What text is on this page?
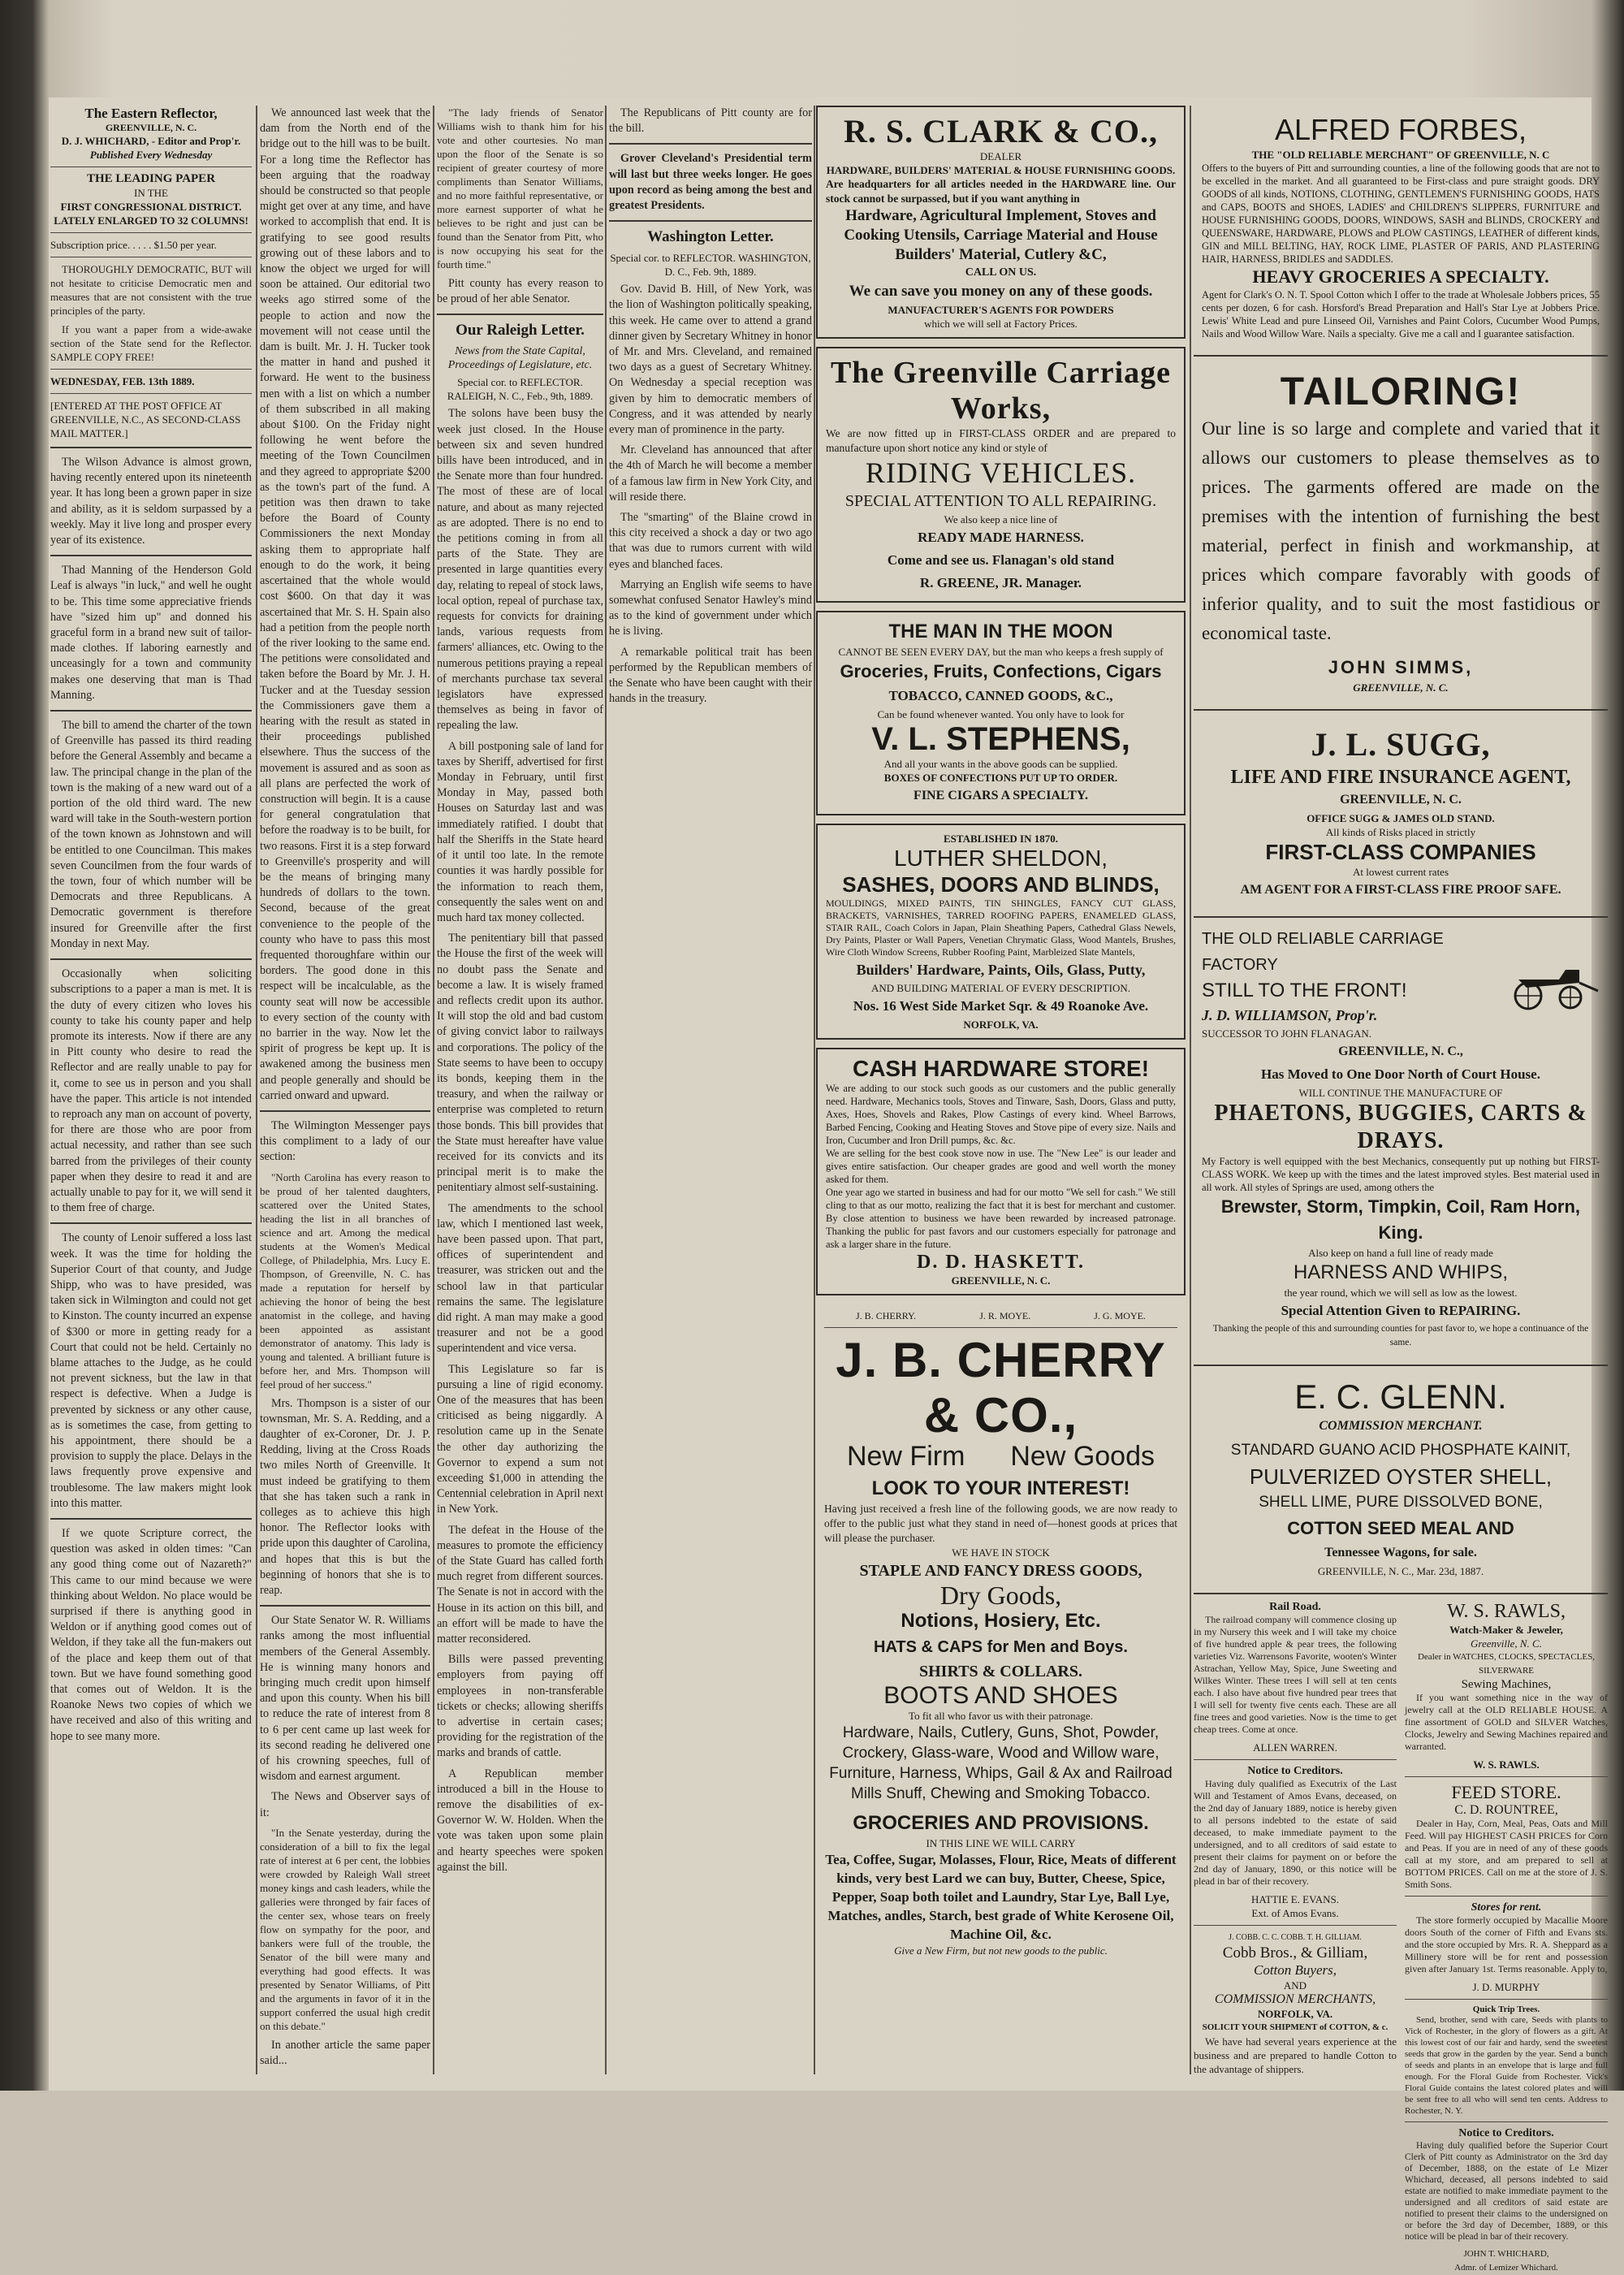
The Eastern Reflector,
GREENVILLE, N. C.
D. J. WHICHARD, - Editor and Prop'r.
Published Every Wednesday
THE LEADING PAPER
IN THE
FIRST CONGRESSIONAL DISTRICT.
LATELY ENLARGED TO 32 COLUMNS!
Subscription price. . . . . $1.50 per year.

THOROUGHLY DEMOCRATIC, BUT will not hesitate to criticise Democratic men and measures that are not consistent with the true principles of the party.

If you want a paper from a wide-awake section of the State send for the Reflector. SAMPLE COPY FREE!

WEDNESDAY, FEB. 13th 1889.
[ENTERED AT THE POST OFFICE AT GREENVILLE, N.C., AS SECOND-CLASS MAIL MATTER.]

The Wilson Advance is almost grown, having recently entered upon its nineteenth year. It has long been a grown paper in size and ability, as it is seldom surpassed by a weekly. May it live long and prosper every year of its existence.

Thad Manning of the Henderson Gold Leaf is always "in luck," and well he ought to be. This time some appreciative friends have "sized him up" and donned his graceful form in a brand new suit of tailor-made clothes. If laboring earnestly and unceasingly for a town and community makes one deserving that man is Thad Manning.

The bill to amend the charter of the town of Greenville has passed its third reading before the General Assembly and became a law. The principal change in the plan of the town is the making of a new ward out of a portion of the old third ward. The new ward will take in the South-western portion of the town known as Johnstown and will be entitled to one Councilman. This makes seven Councilmen from the four wards of the town, four of which number will be Democrats and three Republicans. A Democratic government is therefore insured for Greenville after the first Monday in next May.

Occasionally when soliciting subscriptions to a paper a man is met. It is the duty of every citizen who loves his county to take his county paper and help promote its interests. Now if there are any in Pitt county who desire to read the Reflector and are really unable to pay for it, come to see us in person and you shall have the paper. This article is not intended to reproach any man on account of poverty, for there are those who are poor from actual necessity, and rather than see such barred from the privileges of their county paper when they desire to read it and are actually unable to pay for it, we will send it to them free of charge.

The county of Lenoir suffered a loss last week. It was the time for holding the Superior Court of that county, and Judge Shipp, who was to have presided, was taken sick in Wilmington and could not get to Kinston. The county incurred an expense of $300 or more in getting ready for a Court that could not be held. Certainly no blame attaches to the Judge, as he could not prevent sickness, but the law in that respect is defective. When a Judge is prevented by sickness or any other cause, as is sometimes the case, from getting to his appointment, there should be a provision to supply the place. Delays in the laws frequently prove expensive and troublesome. The law makers might look into this matter.

If we quote Scripture correct, the question was asked in olden times: "Can any good thing come out of Nazareth?" This came to our mind because we were thinking about Weldon. No place would be surprised if there is anything good in Weldon or if anything good comes out of Weldon, if they take all the fun-makers out of the place and keep them out of that town. But we have found something good that comes out of Weldon. It is the Roanoke News two copies of which we have received and also of this writing and hope to see many more.

We announced last week that the dam from the North end of the bridge out to the hill was to be built. For a long time the Reflector has been arguing that the roadway should be constructed so that people might get over at any time, and have worked to accomplish that end. It is gratifying to see good results growing out of these labors and to know the object we urged for will soon be attained. Our editorial two weeks ago stirred some of the people to action and now the movement will not cease until the dam is built. Mr. J. H. Tucker took the matter in hand and pushed it forward. He went to the business men with a list on which a number of them subscribed in all making about $100. On the Friday night following he went before the meeting of the Town Councilmen and they agreed to appropriate $200 as the town's part of the fund. A petition was then drawn to take before the Board of County Commissioners the next Monday asking them to appropriate half enough to do the work, it being ascertained that the whole would cost $600. On that day it was ascertained that Mr. S. H. Spain also had a petition from the people north of the river looking to the same end. The petitions were consolidated and taken before the Board by Mr. J. H. Tucker and at the Tuesday session the Commissioners gave them a hearing with the result as stated in their proceedings published elsewhere. Thus the success of the movement is assured and as soon as all plans are perfected the work of construction will begin. It is a cause for general congratulation that before the roadway is to be built, for two reasons. First it is a step forward to Greenville's prosperity and will be the means of bringing many hundreds of dollars to the town. Second, because of the great convenience to the people of the county who have to pass this most frequented thoroughfare within our borders. The good done in this respect will be incalculable, as the county seat will now be accessible to every section of the county with no barrier in the way. Now let the spirit of progress be kept up. It is awakened among the business men and people generally and should be carried onward and upward.

The Wilmington Messenger pays this compliment to a lady of our section:

"North Carolina has every reason to be proud of her talented daughters, scattered over the United States, heading the list in all branches of science and art. Among the medical students at the Women's Medical College, of Philadelphia, Mrs. Lucy E. Thompson, of Greenville, N. C. has made a reputation for herself by achieving the honor of being the best anatomist in the college, and having been appointed as assistant demonstrator of anatomy. This lady is young and talented. A brilliant future is before her, and Mrs. Thompson will feel proud of her success."

Mrs. Thompson is a sister of our townsman, Mr. S. A. Redding, and a daughter of ex-Coroner, Dr. J. P. Redding, living at the Cross Roads two miles North of Greenville. It must indeed be gratifying to them that she has taken such a rank in colleges as to achieve this high honor. The Reflector looks with pride upon this daughter of Carolina, and hopes that this is but the beginning of honors that she is to reap.

Our State Senator W. R. Williams ranks among the most influential members of the General Assembly. He is winning many honors and bringing much credit upon himself and upon this county. When his bill to reduce the rate of interest from 8 to 6 per cent came up last week for its second reading he delivered one of his crowning speeches, full of wisdom and earnest argument.

The News and Observer says of it:

"In the Senate yesterday, during the consideration of a bill to fix the legal rate of interest at 6 per cent, the lobbies were crowded by Raleigh Wall street money kings and cash leaders, while the galleries were thronged by fair faces of the center sex, whose tears on freely flow on sympathy for the poor, and bankers were full of the trouble, the Senator of the bill were many and everything had good effects. It was presented by Senator Williams, of Pitt and the arguments in favor of it in the support conferred the usual high credit on this debate."

In another article the same paper said...

"The lady friends of Senator Williams wish to thank him for his vote and other courtesies. No man upon the floor of the Senate is so recipient of greater courtesy of more compliments than Senator Williams, and no more faithful representative, or more earnest supporter of what he believes to be right and just can be found than the Senator from Pitt, who is now occupying his seat for the fourth time."

Pitt county has every reason to be proud of her able Senator.

Our Raleigh Letter.
News from the State Capital, Proceedings of Legislature, etc.
Special cor. to REFLECTOR. RALEIGH, N. C., Feb., 9th, 1889.

The solons have been busy the week just closed. In the House between six and seven hundred bills have been introduced, and in the Senate more than four hundred. The most of these are of local nature, and about as many rejected as are adopted. There is no end to the petitions coming in from all parts of the State. They are presented in large quantities every day, relating to repeal of stock laws, local option, repeal of purchase tax, requests for convicts for draining lands, various requests from farmers' alliances, etc. Owing to the numerous petitions praying a repeal of merchants purchase tax several legislators have expressed themselves as being in favor of repealing the law.

A bill postponing sale of land for taxes by Sheriff, advertised for first Monday in February, until first Monday in May, passed both Houses on Saturday last and was immediately ratified. I doubt that half the Sheriffs in the State heard of it until too late. In the remote counties it was hardly possible for the information to reach them, consequently the sales went on and much hard tax money collected.

The penitentiary bill that passed the House the first of the week will no doubt pass the Senate and become a law. It is wisely framed and reflects credit upon its author. It will stop the old and bad custom of giving convict labor to railways and corporations. The policy of the State seems to have been to occupy its bonds, keeping them in the treasury, and when the railway or enterprise was completed to return those bonds. This bill provides that the State must hereafter have value received for its convicts and its principal merit is to make the penitentiary almost self-sustaining.

The amendments to the school law, which I mentioned last week, have been passed upon. That part, offices of superintendent and treasurer, was stricken out and the school law in that particular remains the same. The legislature did right. A man may make a good treasurer and not be a good superintendent and vice versa.

This Legislature so far is pursuing a line of rigid economy. One of the measures that has been criticised as being niggardly. A resolution came up in the Senate the other day authorizing the Governor to expend a sum not exceeding $1,000 in attending the Centennial celebration in April next in New York.

The defeat in the House of the measures to promote the efficiency of the State Guard has called forth much regret from different sources. The Senate is not in accord with the House in its action on this bill, and an effort will be made to have the matter reconsidered.

Bills were passed preventing employers from paying off employees in non-transferable tickets or checks; allowing sheriffs to advertise in certain cases; providing for the registration of the marks and brands of cattle.

A Republican member introduced a bill in the House to remove the disabilities of ex-Governor W. W. Holden. When the vote was taken upon some plain and hearty speeches were spoken against the bill.

The Republicans of Pitt county are for the bill.

Grover Cleveland's Presidential term will last but three weeks longer. He goes upon record as being among the best and greatest Presidents.

Washington Letter.
Special cor. to REFLECTOR. WASHINGTON, D. C., Feb. 9th, 1889.

Gov. David B. Hill, of New York, was the lion of Washington politically speaking, this week. He came over to attend a grand dinner given by Secretary Whitney in honor of Mr. and Mrs. Cleveland, and remained two days as a guest of Secretary Whitney. On Wednesday a special reception was given by him to democratic members of Congress, and it was attended by nearly every man of prominence in the party.

Mr. Cleveland has announced that after the 4th of March he will become a member of a famous law firm in New York City, and will reside there.

The "smarting" of the Blaine crowd in this city received a shock a day or two ago that was due to rumors current with wild eyes and blanched faces.

Marrying an English wife seems to have somewhat confused Senator Hawley's mind as to the kind of government under which he is living.

A remarkable political trait has been performed by the Republican members of the Senate who have been caught with their hands in the treasury.

R. S. CLARK & CO.,
DEALER
HARDWARE, BUILDERS' MATERIAL & HOUSE FURNISHING GOODS.
Are headquarters for all articles needed in the HARDWARE line. Our stock cannot be surpassed, but if you want anything in
Hardware, Agricultural Implement, Stoves and Cooking Utensils, Carriage Material and House Builders' Material, Cutlery &C,
CALL ON US.
We can save you money on any of these goods.
MANUFACTURER'S AGENTS FOR POWDERS
which we will sell at Factory Prices.
The Greenville Carriage Works,
We are now fitted up in FIRST-CLASS ORDER and are prepared to manufacture upon short notice any kind or style of
RIDING VEHICLES.
SPECIAL ATTENTION TO ALL REPAIRING.
We also keep a nice line of
READY MADE HARNESS.
Come and see us. Flanagan's old stand
R. GREENE, JR. Manager.
THE MAN IN THE MOON
CANNOT BE SEEN EVERY DAY, but the man who keeps a fresh supply of
Groceries, Fruits, Confections, Cigars
TOBACCO, CANNED GOODS, &C.,
Can be found whenever wanted. You only have to look for
V. L. STEPHENS,
And all your wants in the above goods can be supplied.
BOXES OF CONFECTIONS PUT UP TO ORDER.
FINE CIGARS A SPECIALTY.
ESTABLISHED IN 1870.
LUTHER SHELDON,
SASHES, DOORS AND BLINDS,
MOULDINGS, MIXED PAINTS, TIN SHINGLES, FANCY CUT GLASS, BRACKETS, VARNISHES, TARRED ROOFING PAPERS, ENAMELED GLASS, STAIR RAIL, Coach Colors in Japan, Plain Sheathing Papers, Cathedral Glass Newels, Dry Paints, Plaster or Wall Papers, Venetian Chrymatic Glass, Wood Mantels, Brushes, Wire Cloth Window Screens, Rubber Roofing Paint, Marbleized Slate Mantels,
Builders' Hardware, Paints, Oils, Glass, Putty,
AND BUILDING MATERIAL OF EVERY DESCRIPTION.
Nos. 16 West Side Market Sqr. & 49 Roanoke Ave.
NORFOLK, VA.
CASH HARDWARE STORE!
We are adding to our stock such goods as our customers and the public generally need. Hardware, Mechanics tools, Stoves and Tinware, Sash, Doors, Glass and putty, Axes, Hoes, Shovels and Rakes, Plow Castings of every kind. Wheel Barrows, Barbed Fencing, Cooking and Heating Stoves and Stove pipe of every size. Nails and Iron, Cucumber and Iron Drill pumps, &c. &c.
We are selling for the best cook stove now in use. The "New Lee" is our leader and gives entire satisfaction. Our cheaper grades are good and well worth the money asked for them.
One year ago we started in business and had for our motto "We sell for cash." We still cling to that as our motto, realizing the fact that it is best for merchant and customer. By close attention to business we have been rewarded by increased patronage. Thanking the public for past favors and our customers especially for patronage and ask a larger share in the future.
D. D. HASKETT.
GREENVILLE, N. C.
J. B. CHERRY.	J. R. MOYE.	J. G. MOYE.
J. B. CHERRY & CO.,
New Firm New Goods
LOOK TO YOUR INTEREST!
Having just received a fresh line of the following goods, we are now ready to offer to the public just what they stand in need of—honest goods at prices that will please the purchaser.
WE HAVE IN STOCK
STAPLE AND FANCY DRESS GOODS,
Dry Goods,
Notions, Hosiery, Etc.
HATS & CAPS for Men and Boys.
SHIRTS & COLLARS.
BOOTS AND SHOES
To fit all who favor us with their patronage.
Hardware, Nails, Cutlery, Guns, Shot, Powder, Crockery, Glass-ware, Wood and Willow ware, Furniture, Harness, Whips, Gail & Ax and Railroad Mills Snuff, Chewing and Smoking Tobacco.
GROCERIES AND PROVISIONS.
IN THIS LINE WE WILL CARRY
Tea, Coffee, Sugar, Molasses, Flour, Rice, Meats of different kinds, very best Lard we can buy, Butter, Cheese, Spice, Pepper, Soap both toilet and Laundry, Star Lye, Ball Lye, Matches, andles, Starch, best grade of White Kerosene Oil, Machine Oil, &c.
Give a New Firm, but not new goods to the public.
ALFRED FORBES,
THE "OLD RELIABLE MERCHANT" OF GREENVILLE, N. C
Offers to the buyers of Pitt and surrounding counties, a line of the following goods that are not to be excelled in the market. And all guaranteed to be First-class and pure straight goods. DRY GOODS of all kinds, NOTIONS, CLOTHING, GENTLEMEN'S FURNISHING GOODS, HATS and CAPS, BOOTS and SHOES, LADIES' and CHILDREN'S SLIPPERS, FURNITURE and HOUSE FURNISHING GOODS, DOORS, WINDOWS, SASH and BLINDS, CROCKERY and QUEENSWARE, HARDWARE, PLOWS and PLOW CASTINGS, LEATHER of different kinds, GIN and MILL BELTING, HAY, ROCK LIME, PLASTER OF PARIS, AND PLASTERING HAIR, HARNESS, BRIDLES and SADDLES.
HEAVY GROCERIES A SPECIALTY.
Agent for Clark's O. N. T. Spool Cotton which I offer to the trade at Wholesale Jobbers prices, 55 cents per dozen, 6 for cash. Horsford's Bread Preparation and Hall's Star Lye at Jobbers Price. Lewis' White Lead and pure Linseed Oil, Varnishes and Paint Colors, Cucumber Wood Pumps, Nails and Wood Willow Ware. Nails a specialty. Give me a call and I guarantee satisfaction.
TAILORING!
Our line is so large and complete and varied that it allows our customers to please themselves as to prices. The garments offered are made on the premises with the intention of furnishing the best material, perfect in finish and workmanship, at prices which compare favorably with goods of inferior quality, and to suit the most fastidious or economical taste.
JOHN SIMMS,
GREENVILLE, N. C.
J. L. SUGG,
LIFE AND FIRE INSURANCE AGENT,
GREENVILLE, N. C.
OFFICE SUGG & JAMES OLD STAND.
All kinds of Risks placed in strictly
FIRST-CLASS COMPANIES
At lowest current rates
AM AGENT FOR A FIRST-CLASS FIRE PROOF SAFE.
THE OLD RELIABLE CARRIAGE FACTORY
STILL TO THE FRONT!
J. D. WILLIAMSON, Prop'r.
SUCCESSOR TO JOHN FLANAGAN.
GREENVILLE, N. C.,
Has Moved to One Door North of Court House.
WILL CONTINUE THE MANUFACTURE OF
PHAETONS, BUGGIES, CARTS & DRAYS.
My Factory is well equipped with the best Mechanics, consequently put up nothing but FIRST-CLASS WORK. We keep up with the times and the latest improved styles. Best material used in all work. All styles of Springs are used, among others the
Brewster, Storm, Timpkin, Coil, Ram Horn, King.
Also keep on hand a full line of ready made
HARNESS AND WHIPS,
the year round, which we will sell as low as the lowest.
Special Attention Given to REPAIRING.
Thanking the people of this and surrounding counties for past favor to, we hope a continuance of the same.
E. C. GLENN.
COMMISSION MERCHANT.
STANDARD GUANO ACID PHOSPHATE KAINIT,
PULVERIZED OYSTER SHELL,
SHELL LIME, PURE DISSOLVED BONE,
COTTON SEED MEAL AND
Tennessee Wagons, for sale.
GREENVILLE, N. C., Mar. 23d, 1887.
Rail Road.

The railroad company will commence closing up in my Nursery this week and I will take my choice of five hundred apple & pear trees, the following varieties Viz. Warrensons Favorite, wooten's Winter Astrachan, Yellow May, Spice, June Sweeting and Wilkes Winter. These trees I will sell at ten cents each. I also have about five hundred pear trees that I will sell for twenty five cents each. These are all fine trees and good varieties. Now is the time to get cheap trees. Come at once.

ALLEN WARREN.
Notice to Creditors.

Having duly qualified as Executrix of the Last Will and Testament of Amos Evans, deceased, on the 2nd day of January 1889, notice is hereby given to all persons indebted to the estate of said deceased, to make immediate payment to the undersigned, and to all creditors of said estate to present their claims for payment on or before the 2nd day of January, 1890, or this notice will be plead in bar of their recovery.

HATTIE E. EVANS.
Ext. of Amos Evans.
J. COBB. C. C. COBB. T. H. GILLIAM.
Cobb Bros., & Gilliam,
Cotton Buyers,
AND
COMMISSION MERCHANTS,
NORFOLK, VA.
SOLICIT YOUR SHIPMENT of COTTON, & c.

We have had several years experience at the business and are prepared to handle Cotton to the advantage of shippers.

W. S. RAWLS,
Watch-Maker & Jeweler,
Greenville, N. C.
Dealer in WATCHES, CLOCKS, SPECTACLES, SILVERWARE
Sewing Machines,

If you want something nice in the way of jewelry call at the OLD RELIABLE HOUSE. A fine assortment of GOLD and SILVER Watches, Clocks, Jewelry and Sewing Machines repaired and warranted.

W. S. RAWLS.
FEED STORE.
C. D. ROUNTREE,

Dealer in Hay, Corn, Meal, Peas, Oats and Mill Feed. Will pay HIGHEST CASH PRICES for Corn and Peas. If you are in need of any of these goods call at my store, and am prepared to sell at BOTTOM PRICES. Call on me at the store of J. S. Smith Sons.

Stores for rent.

The store formerly occupied by Macallie Moore doors South of the corner of Fifth and Evans sts. and the store occupied by Mrs. R. A. Sheppard as a Millinery store will be for rent and possession given after January 1st. Terms reasonable. Apply to,

J. D. MURPHY
Quick Trip Trees.

Send, brother, send with care, Seeds with plants to Vick of Rochester, in the glory of flowers as a gift. At this lowest cost of our fair and hardy, send the sweetest seeds that grow in the garden by the year. Send a bunch of seeds and plants in an envelope that is large and full enough. For the Floral Guide from Rochester. Vick's Floral Guide contains the latest colored plates and will be sent free to all who will send ten cents. Address to Rochester, N. Y.

Notice to Creditors.

Having duly qualified before the Superior Court Clerk of Pitt county as Administrator on the 3rd day of December, 1888, on the estate of Le Mizer Whichard, deceased, all persons indebted to said estate are notified to make immediate payment to the undersigned and all creditors of said estate are notified to present their claims to the undersigned on or before the 3rd day of December, 1889, or this notice will be plead in bar of their recovery.

JOHN T. WHICHARD,
Admr. of Lemizer Whichard.
